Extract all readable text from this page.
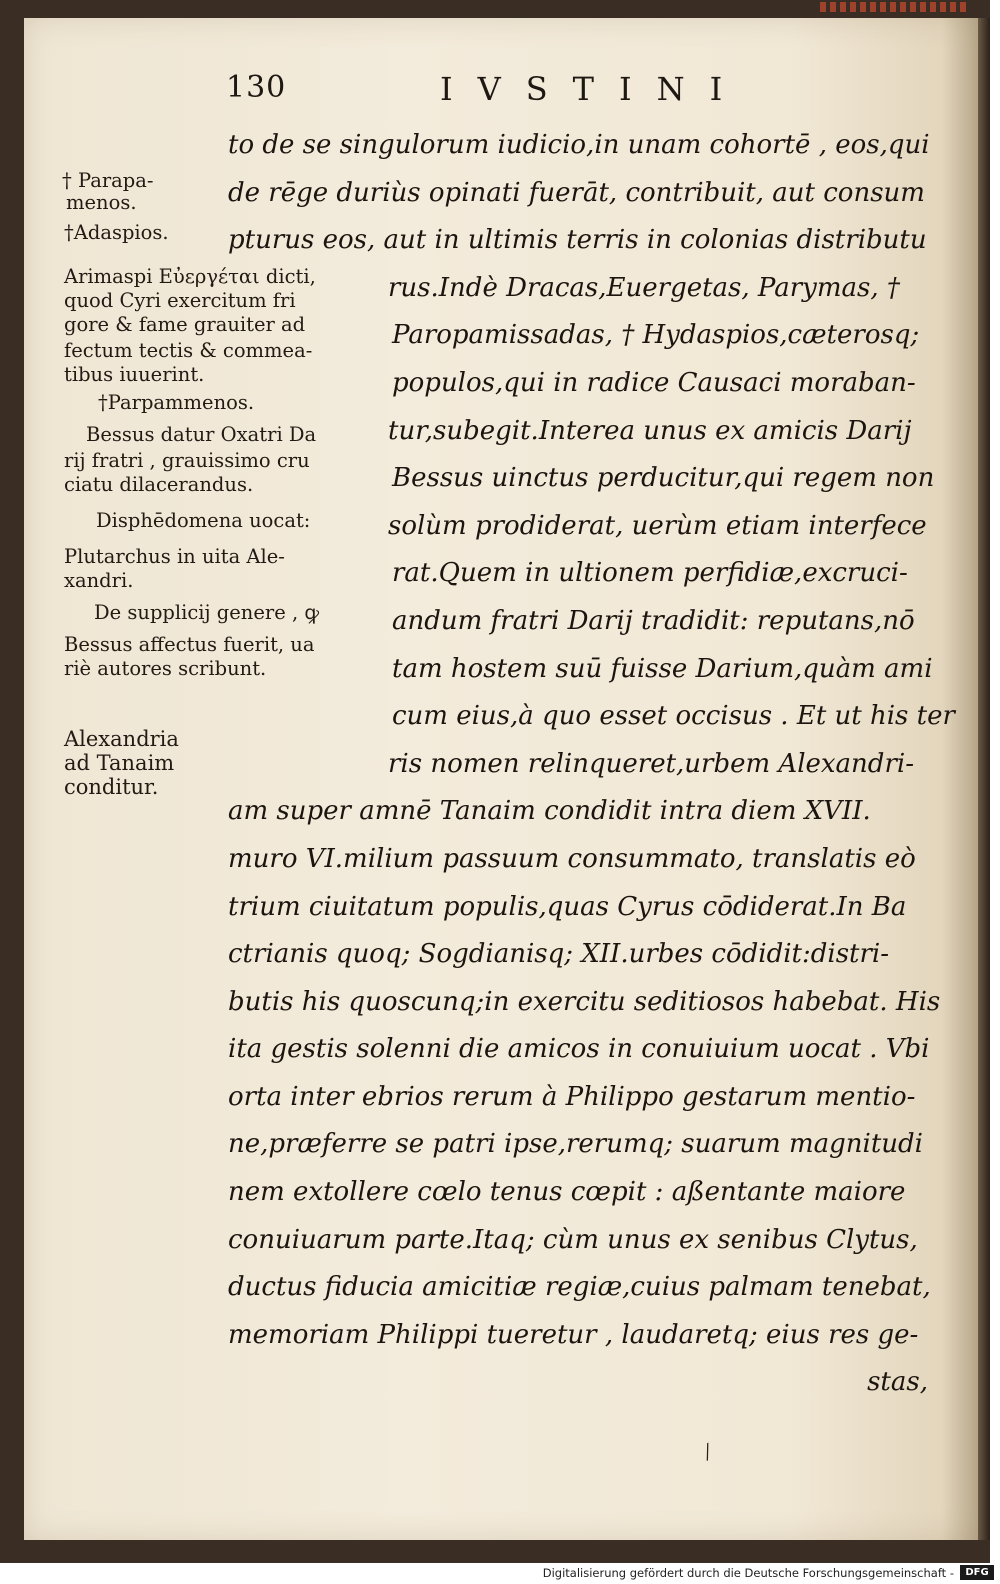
130	IVSTINI
to de se singulorum iudicio,in unam cohortē , eos,qui
de rēge duriùs opinati fuerāt, contribuit, aut consum
pturus eos, aut in ultimis terris in colonias distributu
rus.Indè Dracas,Euergetas, Parymas, †
Paropamissadas, † Hydaspios,cæterosq;
populos,qui in radice Causaci moraban-
tur,subegit.Interea unus ex amicis Darij
Bessus uinctus perducitur,qui regem non
solùm prodiderat, uerùm etiam interfece
rat.Quem in ultionem perfidiæ,excruci-
andum fratri Darij tradidit: reputans,nō
tam hostem suū fuisse Darium,quàm ami
cum eius,à quo esset occisus . Et ut his ter
ris nomen relinqueret,urbem Alexandri-
am super amnē Tanaim condidit intra diem XVII.
muro VI.milium passuum consummato, translatis eò
trium ciuitatum populis,quas Cyrus cōdiderat.In Ba
ctrianis quoq; Sogdianisq; XII.urbes cōdidit:distri-
butis his quoscunq;in exercitu seditiosos habebat. His
ita gestis solenni die amicos in conuiuium uocat . Vbi
orta inter ebrios rerum à Philippo gestarum mentio-
ne,præferre se patri ipse,rerumq; suarum magnitudi
nem extollere cœlo tenus cœpit : aßentante maiore
conuiuarum parte.Itaq; cùm unus ex senibus Clytus,
ductus fiducia amicitiæ regiæ,cuius palmam tenebat,
memoriam Philippi tueretur , laudaretq; eius res ge-
stas,
† Parapa-
menos.
†Adaspios.
Arimaspi Εὐεργέται dicti,
quod Cyri exercitum fri
gore & fame grauiter ad
fectum tectis & commea-
tibus iuuerint.
†Parpammenos.
Bessus datur Oxatri Da
rij fratri , grauissimo cru
ciatu dilacerandus.
Disphēdomena uocat:
Plutarchus in uita Ale-
xandri.
De supplicij genere , ꝙ
Bessus affectus fuerit, ua
riè autores scribunt.
Alexandria
ad Tanaim
conditur.
⁄
Digitalisierung gefördert durch die Deutsche Forschungsgemeinschaft -	DFG
